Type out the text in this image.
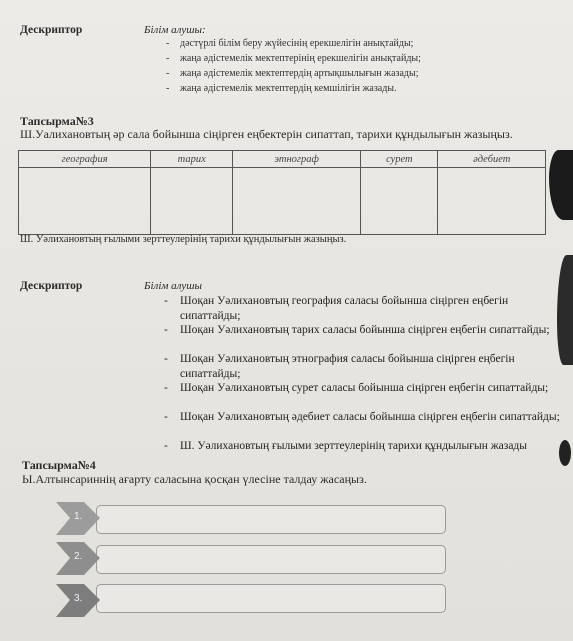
Дескриптор	Білім алушы:
- дәстүрлі білім беру жүйесінің ерекшелігін анықтайды;
- жаңа әдістемелік мектептерінің ерекшелігін анықтайды;
- жаңа әдістемелік мектептердің артықшылығын жазады;
- жаңа әдістемелік мектептердің кемшілігін жазады.
Тапсырма№3
Ш.Уалихановтың әр сала бойынша сіңірген еңбектерін сипаттап, тарихи құндылығын жазыңыз.
география	тарих	этнограф	сурет	әдебиет

Ш. Уәлихановтың ғылыми зерттеулерінің тарихи құндылығын жазыңыз.
Дескриптор	Білім алушы
- Шоқан Уәлихановтың география саласы бойынша сіңірген еңбегін сипаттайды;
- Шоқан Уәлихановтың тарих саласы бойынша сіңірген еңбегін сипаттайды;
- Шоқан Уәлихановтың этнография саласы бойынша сіңірген еңбегін сипаттайды;
- Шоқан Уәлихановтың сурет саласы бойынша сіңірген еңбегін сипаттайды;
- Шоқан Уәлихановтың әдебиет саласы бойынша сіңірген еңбегін сипаттайды;
- Ш. Уәлихановтың ғылыми зерттеулерінің тарихи құндылығын жазады
Тапсырма№4
Ы.Алтынсариннің ағарту саласына қосқан үлесіне талдау жасаңыз.
1.
2.
3.
